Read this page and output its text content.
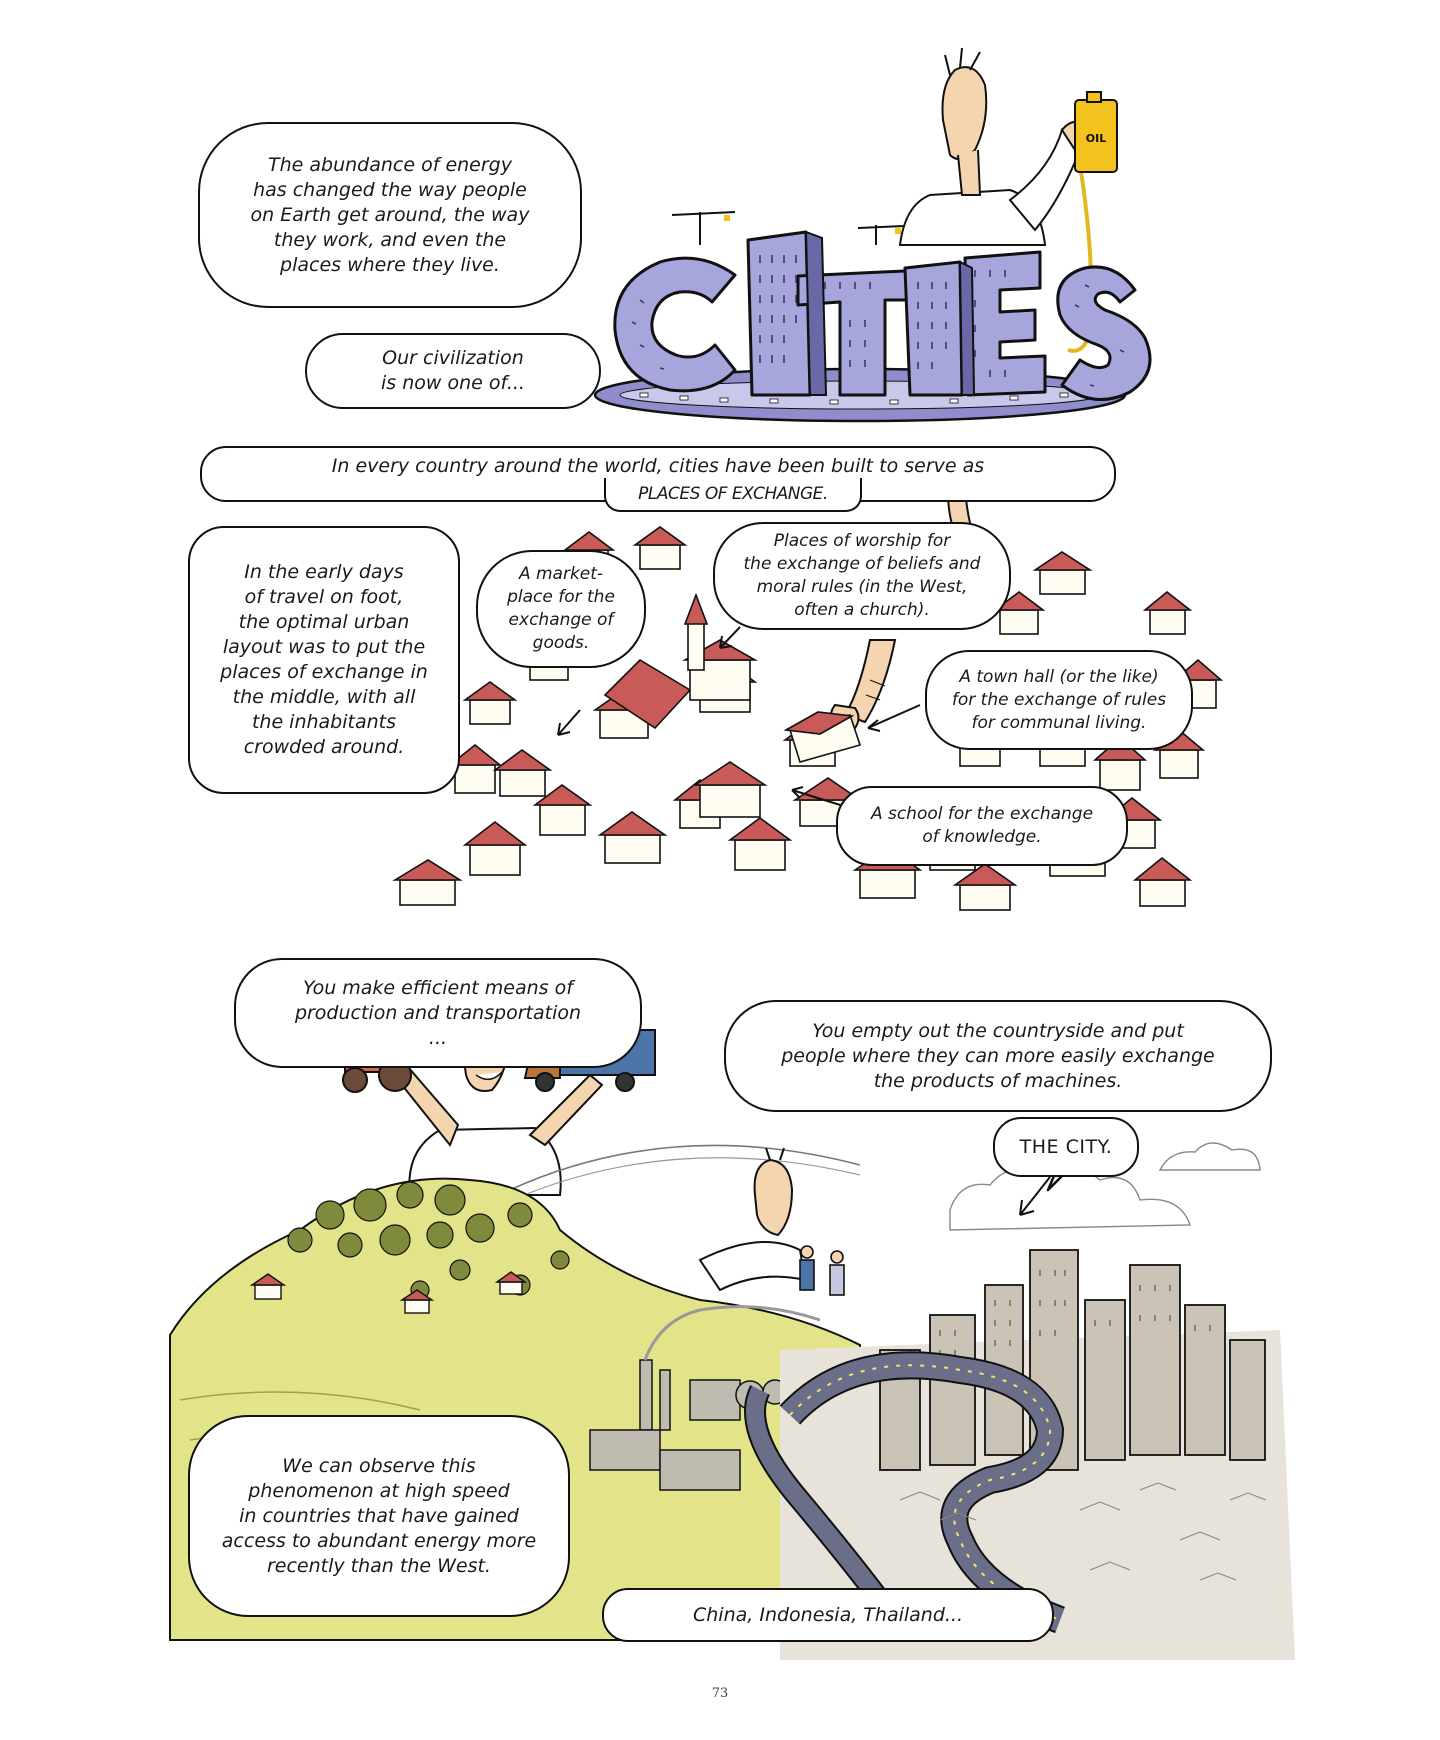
OIL
The abundance of energy
has changed the way people
on Earth get around, the way
they work, and even the
places where they live.
Our civilization
is now one of...
In every country around the world, cities have been built to serve as
PLACES OF EXCHANGE.
In the early days
of travel on foot,
the optimal urban
layout was to put the
places of exchange in
the middle, with all
the inhabitants
crowded around.
A market-
place for the
exchange of
goods.
Places of worship for
the exchange of beliefs and
moral rules (in the West,
often a church).
A town hall (or the like)
for the exchange of rules
for communal living.
A school for the exchange
of knowledge.
You make efficient means of
production and transportation
...	You empty out the countryside and put
people where they can more easily exchange
the products of machines.
THE CITY.
We can observe this
phenomenon at high speed
in countries that have gained
access to abundant energy more
recently than the West.
China, Indonesia, Thailand...
73
